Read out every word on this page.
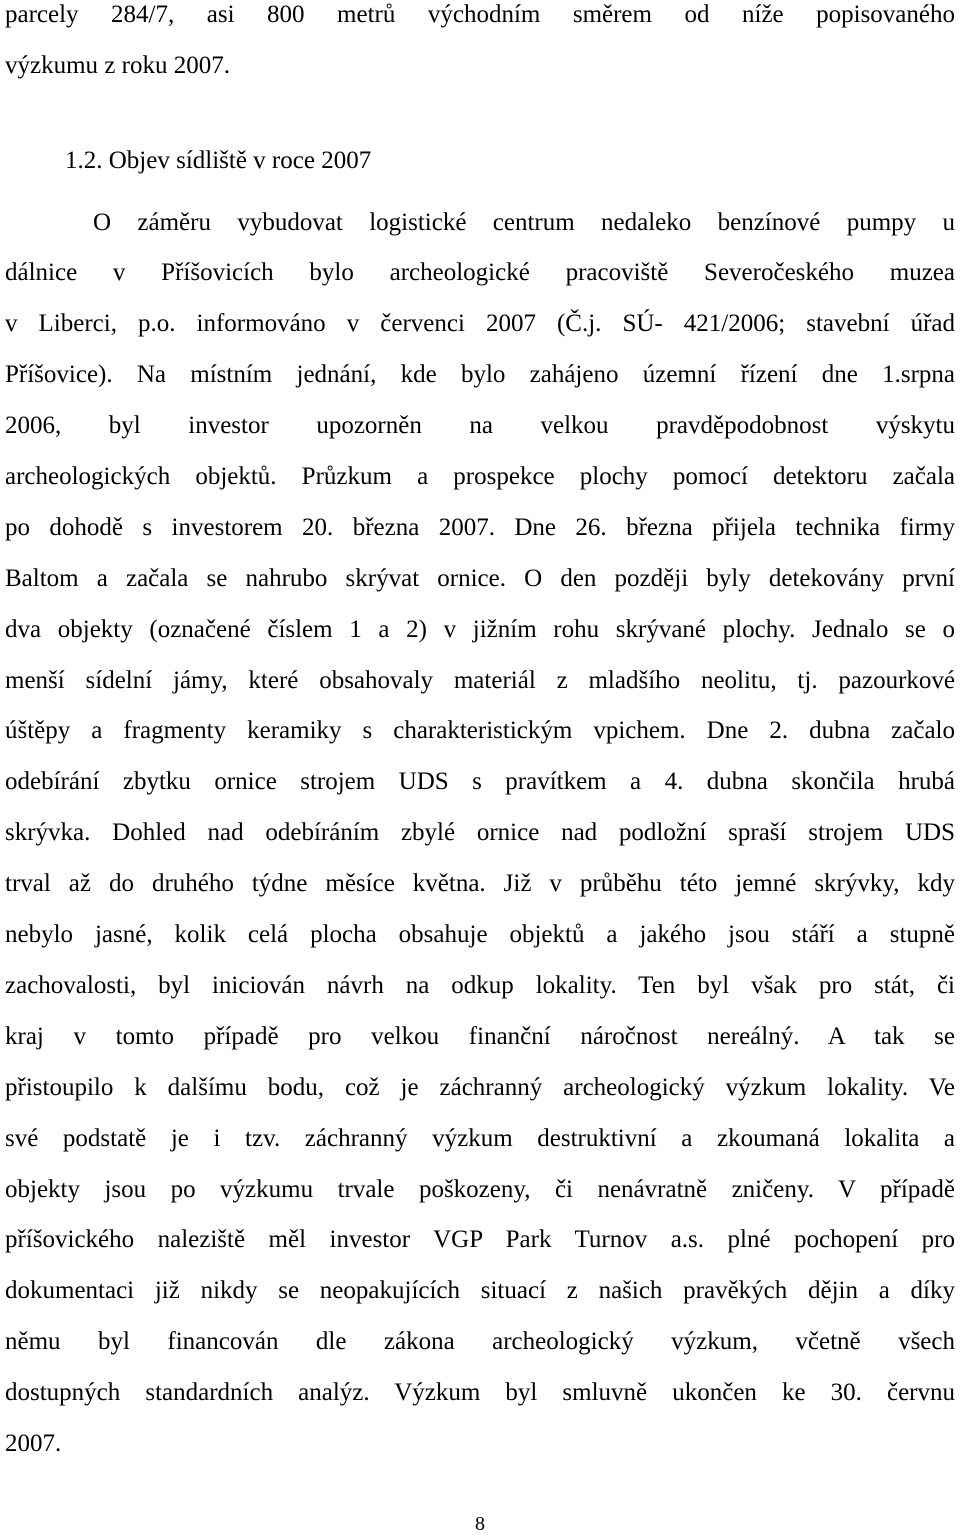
parcely 284/7, asi 800 metrů východním směrem od níže popisovaného
výzkumu z roku 2007.
1.2. Objev sídliště v roce 2007
O záměru vybudovat logistické centrum nedaleko benzínové pumpy u
dálnice v Příšovicích bylo archeologické pracoviště Severočeského muzea
v Liberci, p.o. informováno v červenci 2007 (Č.j. SÚ- 421/2006; stavební úřad
Příšovice). Na místním jednání, kde bylo zahájeno územní řízení dne 1.srpna
2006, byl investor upozorněn na velkou pravděpodobnost výskytu
archeologických objektů. Průzkum a prospekce plochy pomocí detektoru začala
po dohodě s investorem 20. března 2007. Dne 26. března přijela technika firmy
Baltom a začala se nahrubo skrývat ornice. O den později byly detekovány první
dva objekty (označené číslem 1 a 2) v jižním rohu skrývané plochy. Jednalo se o
menší sídelní jámy, které obsahovaly materiál z mladšího neolitu, tj. pazourkové
úštěpy a fragmenty keramiky s charakteristickým vpichem. Dne 2. dubna začalo
odebírání zbytku ornice strojem UDS s pravítkem a 4. dubna skončila hrubá
skrývka. Dohled nad odebíráním zbylé ornice nad podložní spraší strojem UDS
trval až do druhého týdne měsíce května. Již v průběhu této jemné skrývky, kdy
nebylo jasné, kolik celá plocha obsahuje objektů a jakého jsou stáří a stupně
zachovalosti, byl iniciován návrh na odkup lokality. Ten byl však pro stát, či
kraj v tomto případě pro velkou finanční náročnost nereálný. A tak se
přistoupilo k dalšímu bodu, což je záchranný archeologický výzkum lokality. Ve
své podstatě je i tzv. záchranný výzkum destruktivní a zkoumaná lokalita a
objekty jsou po výzkumu trvale poškozeny, či nenávratně zničeny. V případě
příšovického naleziště měl investor VGP Park Turnov a.s. plné pochopení pro
dokumentaci již nikdy se neopakujících situací z našich pravěkých dějin a díky
němu byl financován dle zákona archeologický výzkum, včetně všech
dostupných standardních analýz. Výzkum byl smluvně ukončen ke 30. červnu
2007.
8
